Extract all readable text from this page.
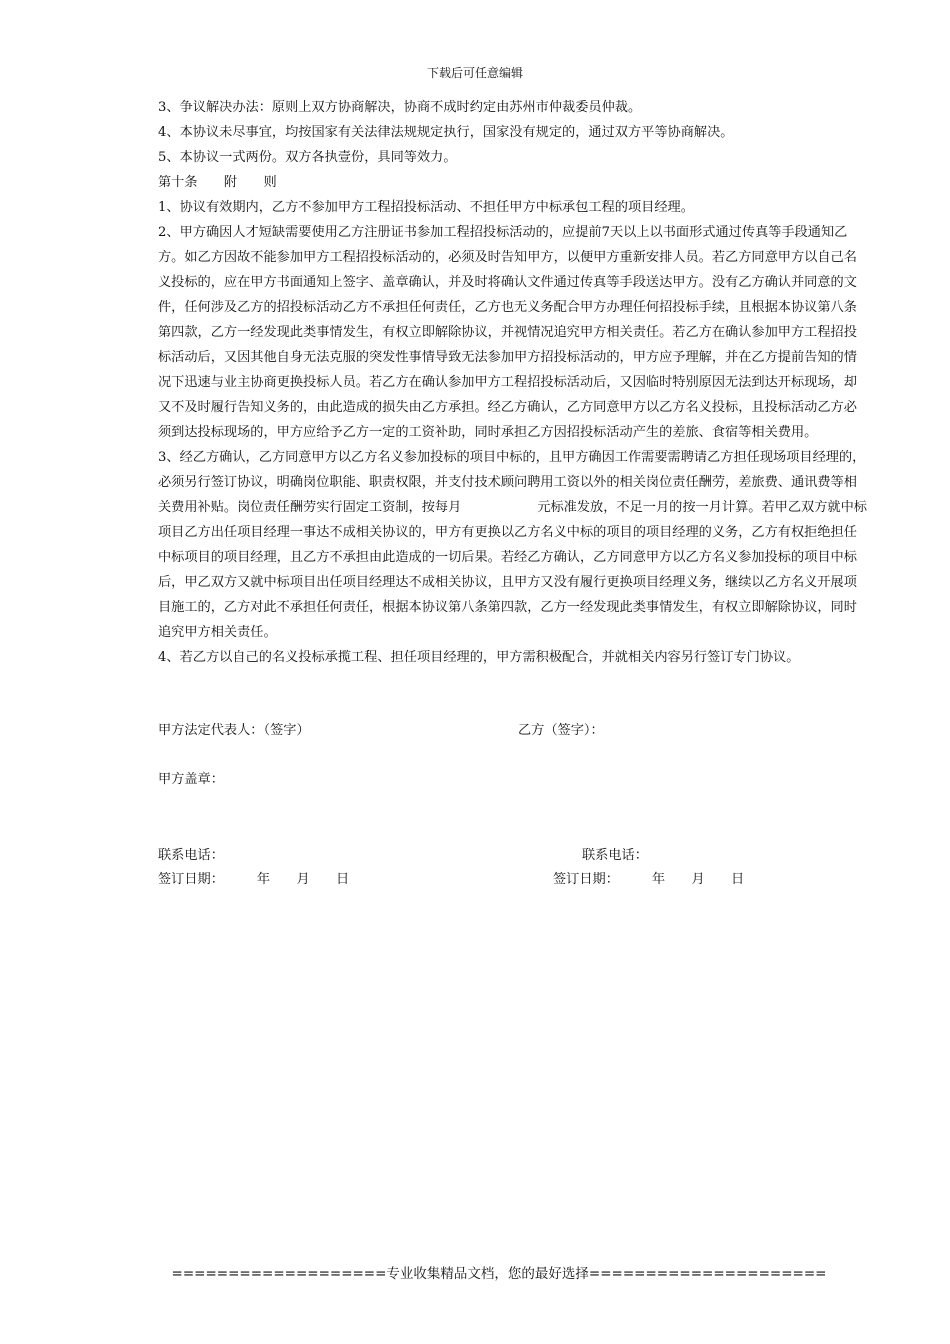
下载后可任意编辑

3、争议解决办法：原则上双方协商解决，协商不成时约定由苏州市仲裁委员仲裁。

4、本协议未尽事宜，均按国家有关法律法规规定执行，国家没有规定的，通过双方平等协商解决。

5、本协议一式两份。双方各执壹份，具同等效力。

第十条　　附　　则

1、协议有效期内，乙方不参加甲方工程招投标活动、不担任甲方中标承包工程的项目经理。

2、甲方确因人才短缺需要使用乙方注册证书参加工程招投标活动的，应提前7天以上以书面形式通过传真等手段通知乙方。如乙方因故不能参加甲方工程招投标活动的，必须及时告知甲方，以便甲方重新安排人员。若乙方同意甲方以自己名义投标的，应在甲方书面通知上签字、盖章确认，并及时将确认文件通过传真等手段送达甲方。没有乙方确认并同意的文件，任何涉及乙方的招投标活动乙方不承担任何责任，乙方也无义务配合甲方办理任何招投标手续，且根据本协议第八条第四款，乙方一经发现此类事情发生，有权立即解除协议，并视情况追究甲方相关责任。若乙方在确认参加甲方工程招投标活动后，又因其他自身无法克服的突发性事情导致无法参加甲方招投标活动的，甲方应予理解，并在乙方提前告知的情况下迅速与业主协商更换投标人员。若乙方在确认参加甲方工程招投标活动后，又因临时特别原因无法到达开标现场，却又不及时履行告知义务的，由此造成的损失由乙方承担。经乙方确认，乙方同意甲方以乙方名义投标，且投标活动乙方必须到达投标现场的，甲方应给予乙方一定的工资补助，同时承担乙方因招投标活动产生的差旅、食宿等相关费用。

3、经乙方确认，乙方同意甲方以乙方名义参加投标的项目中标的，且甲方确因工作需要需聘请乙方担任现场项目经理的，必须另行签订协议，明确岗位职能、职责权限，并支付技术顾问聘用工资以外的相关岗位责任酬劳，差旅费、通讯费等相关费用补贴。岗位责任酬劳实行固定工资制，按每月	元标准发放，不足一月的按一月计算。若甲乙双方就中标项目乙方出任项目经理一事达不成相关协议的，甲方有更换以乙方名义中标的项目的项目经理的义务，乙方有权拒绝担任中标项目的项目经理，且乙方不承担由此造成的一切后果。若经乙方确认，乙方同意甲方以乙方名义参加投标的项目中标后，甲乙双方又就中标项目出任项目经理达不成相关协议，且甲方又没有履行更换项目经理义务，继续以乙方名义开展项目施工的，乙方对此不承担任何责任，根据本协议第八条第四款，乙方一经发现此类事情发生，有权立即解除协议，同时追究甲方相关责任。

4、若乙方以自己的名义投标承揽工程、担任项目经理的，甲方需积极配合，并就相关内容另行签订专门协议。

甲方法定代表人：（签字）	乙方（签字）：
甲方盖章：
联系电话：	联系电话：
签订日期：　　　年　　月　　日	签订日期：　　　年　　月　　日
===================专业收集精品文档，您的最好选择=====================
